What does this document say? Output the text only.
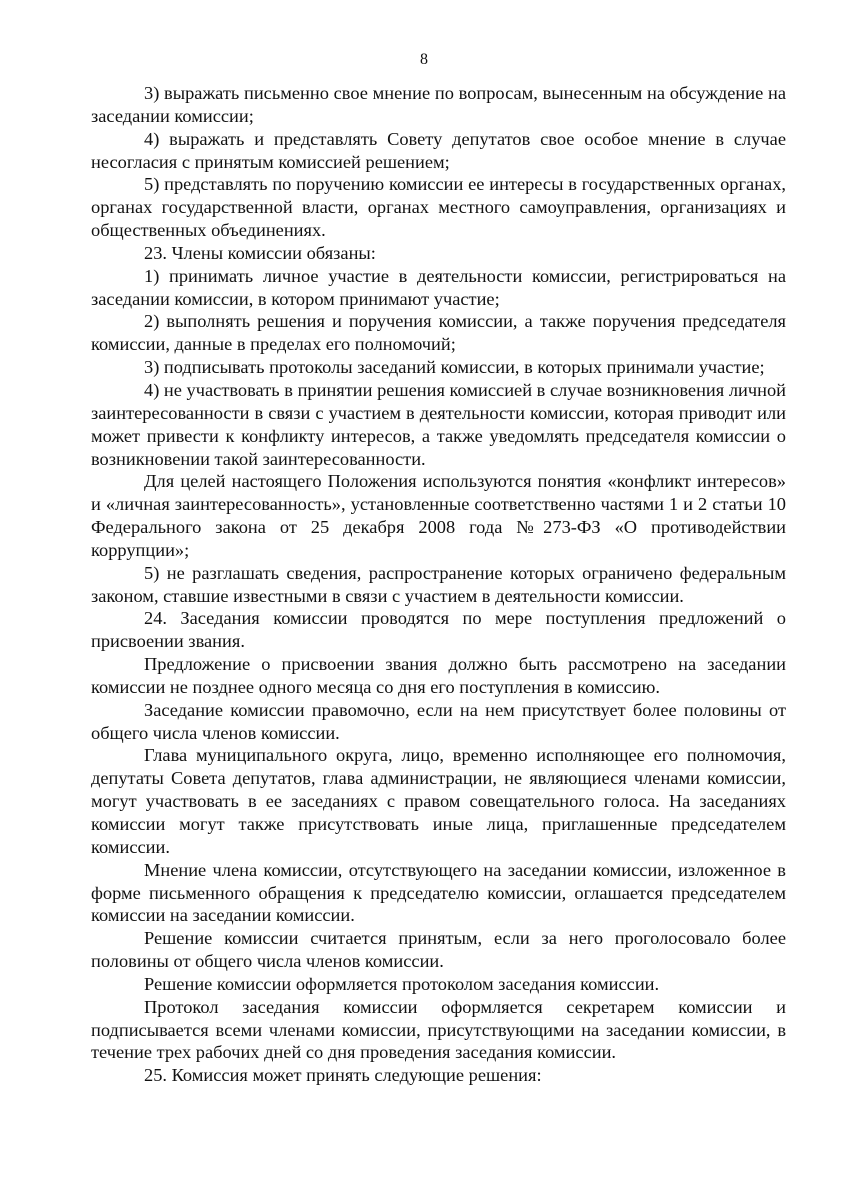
8

3) выражать письменно свое мнение по вопросам, вынесенным на обсуждение на заседании комиссии;

4) выражать и представлять Совету депутатов свое особое мнение в случае несогласия с принятым комиссией решением;

5) представлять по поручению комиссии ее интересы в государственных органах, органах государственной власти, органах местного самоуправления, организациях и общественных объединениях.

23. Члены комиссии обязаны:

1) принимать личное участие в деятельности комиссии, регистрироваться на заседании комиссии, в котором принимают участие;

2) выполнять решения и поручения комиссии, а также поручения председателя комиссии, данные в пределах его полномочий;

3) подписывать протоколы заседаний комиссии, в которых принимали участие;

4) не участвовать в принятии решения комиссией в случае возникновения личной заинтересованности в связи с участием в деятельности комиссии, которая приводит или может привести к конфликту интересов, а также уведомлять председателя комиссии о возникновении такой заинтересованности.

Для целей настоящего Положения используются понятия «конфликт интересов» и «личная заинтересованность», установленные соответственно частями 1 и 2 статьи 10 Федерального закона от 25 декабря 2008 года №273-ФЗ «О противодействии коррупции»;

5) не разглашать сведения, распространение которых ограничено федеральным законом, ставшие известными в связи с участием в деятельности комиссии.

24. Заседания комиссии проводятся по мере поступления предложений о присвоении звания.

Предложение о присвоении звания должно быть рассмотрено на заседании комиссии не позднее одного месяца со дня его поступления в комиссию.

Заседание комиссии правомочно, если на нем присутствует более половины от общего числа членов комиссии.

Глава муниципального округа, лицо, временно исполняющее его полномочия, депутаты Совета депутатов, глава администрации, не являющиеся членами комиссии, могут участвовать в ее заседаниях с правом совещательного голоса. На заседаниях комиссии могут также присутствовать иные лица, приглашенные председателем комиссии.

Мнение члена комиссии, отсутствующего на заседании комиссии, изложенное в форме письменного обращения к председателю комиссии, оглашается председателем комиссии на заседании комиссии.

Решение комиссии считается принятым, если за него проголосовало более половины от общего числа членов комиссии.

Решение комиссии оформляется протоколом заседания комиссии.

Протокол заседания комиссии оформляется секретарем комиссии и подписывается всеми членами комиссии, присутствующими на заседании комиссии, в течение трех рабочих дней со дня проведения заседания комиссии.

25. Комиссия может принять следующие решения:
